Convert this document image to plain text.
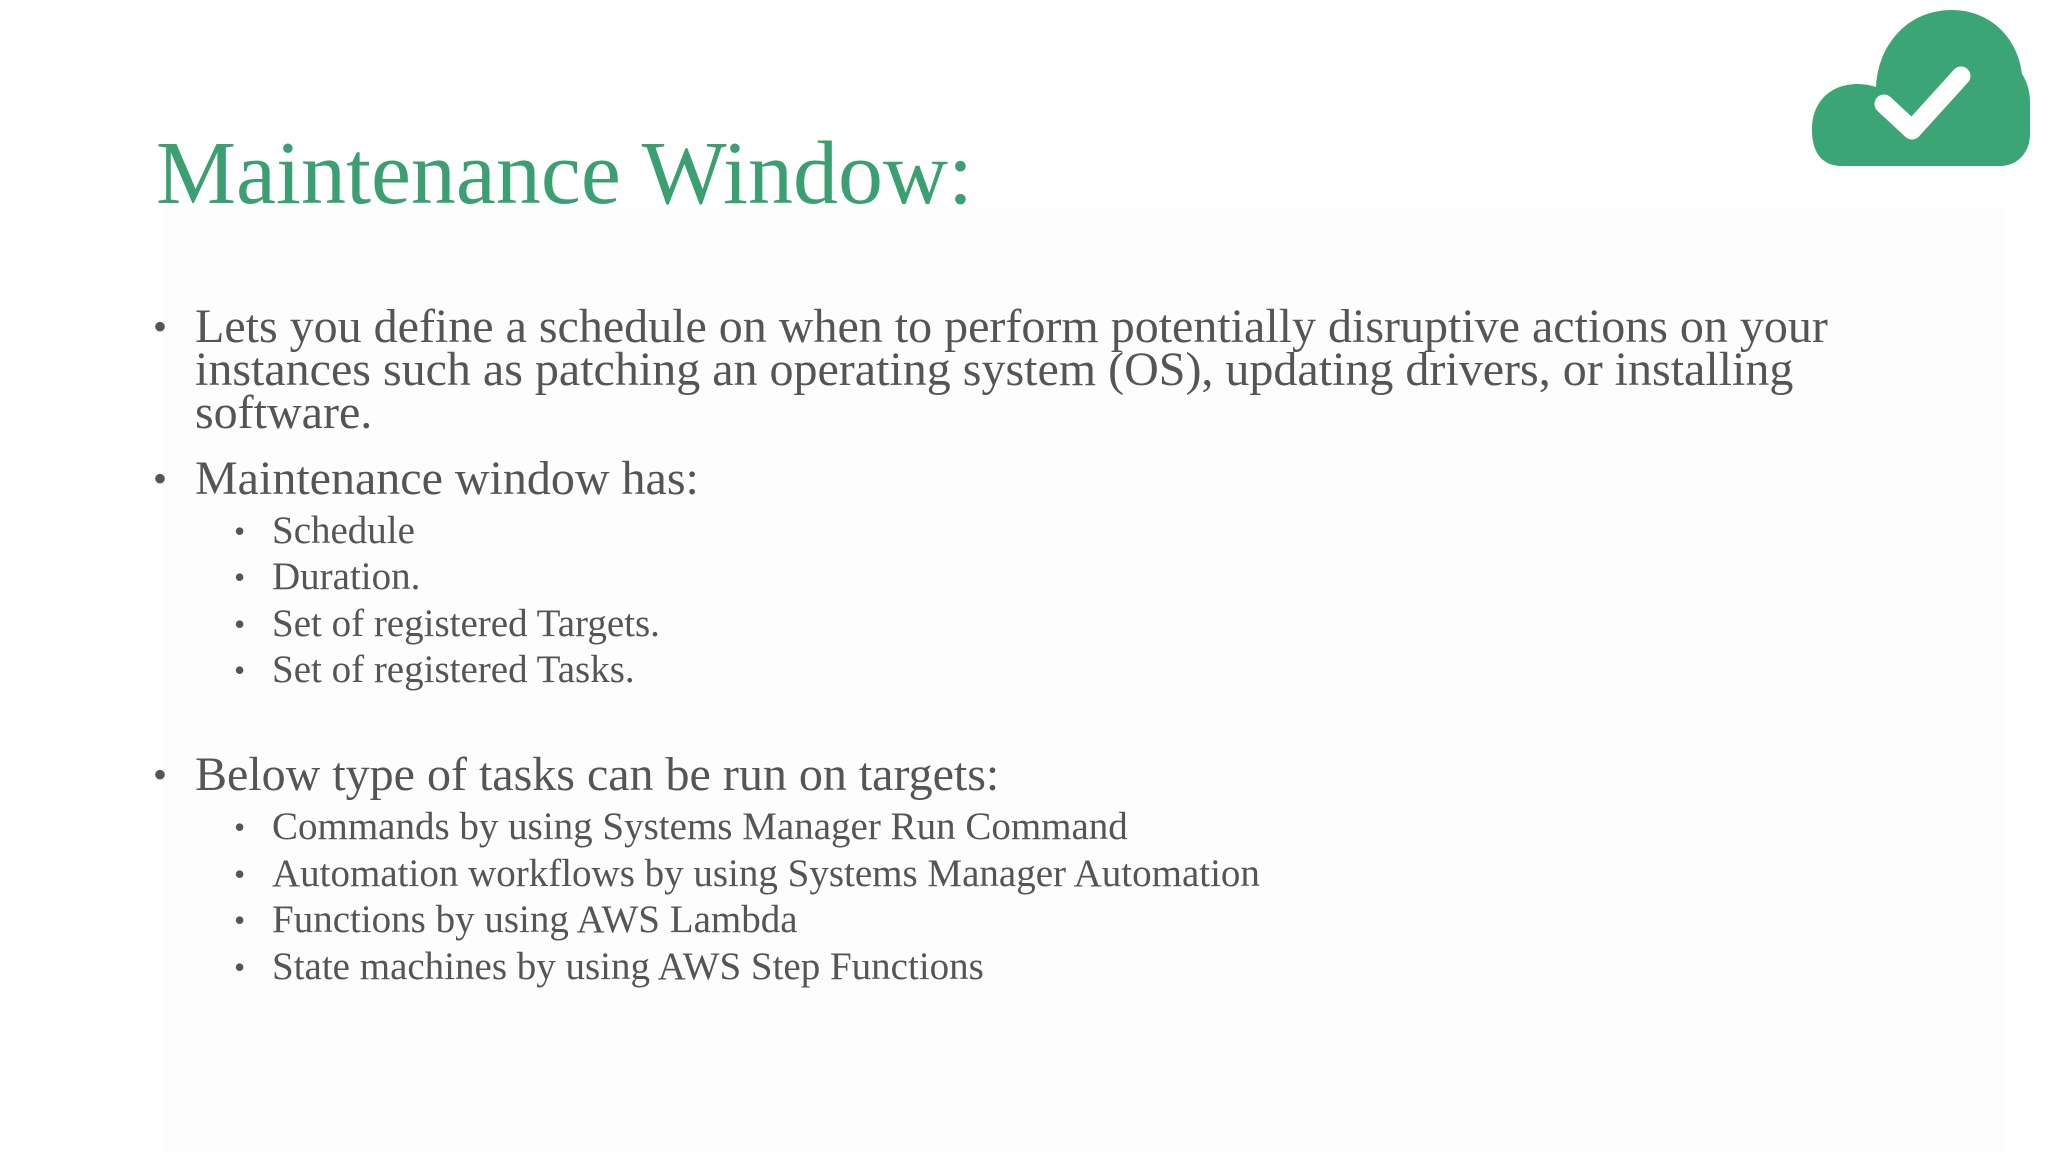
Maintenance Window:
• Lets you define a schedule on when to perform potentially disruptive actions on your instances such as patching an operating system (OS), updating drivers, or installing software.
• Maintenance window has:
• Schedule
• Duration.
• Set of registered Targets.
• Set of registered Tasks.
• Below type of tasks can be run on targets:
• Commands by using Systems Manager Run Command
• Automation workflows by using Systems Manager Automation
• Functions by using AWS Lambda
• State machines by using AWS Step Functions
